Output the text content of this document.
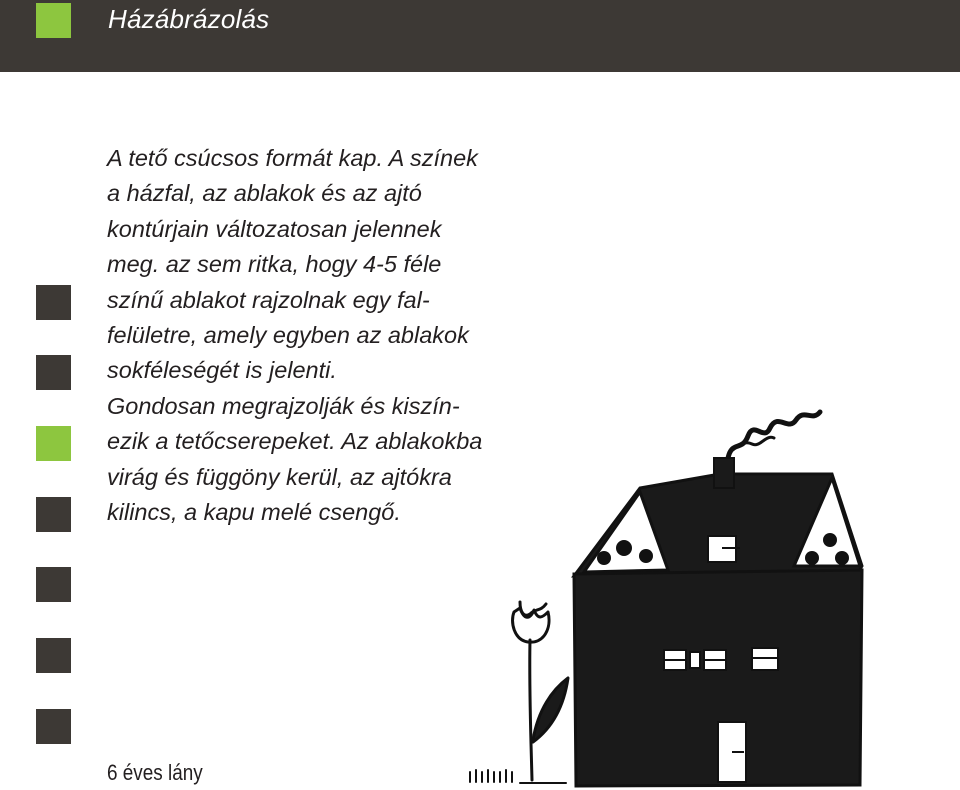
Házábrázolás

A tető csúcsos formát kap. A színek
a házfal, az ablakok és az ajtó
kontúrjain változatosan jelennek
meg. az sem ritka, hogy 4-5 féle
színű ablakot rajzolnak egy fal-
felületre, amely egyben az ablakok
sokféleségét is jelenti.
Gondosan megrajzolják és kiszín-
ezik a tetőcserepeket. Az ablakokba
virág és függöny kerül, az ajtókra
kilincs, a kapu melé csengő.

6 éves lány
